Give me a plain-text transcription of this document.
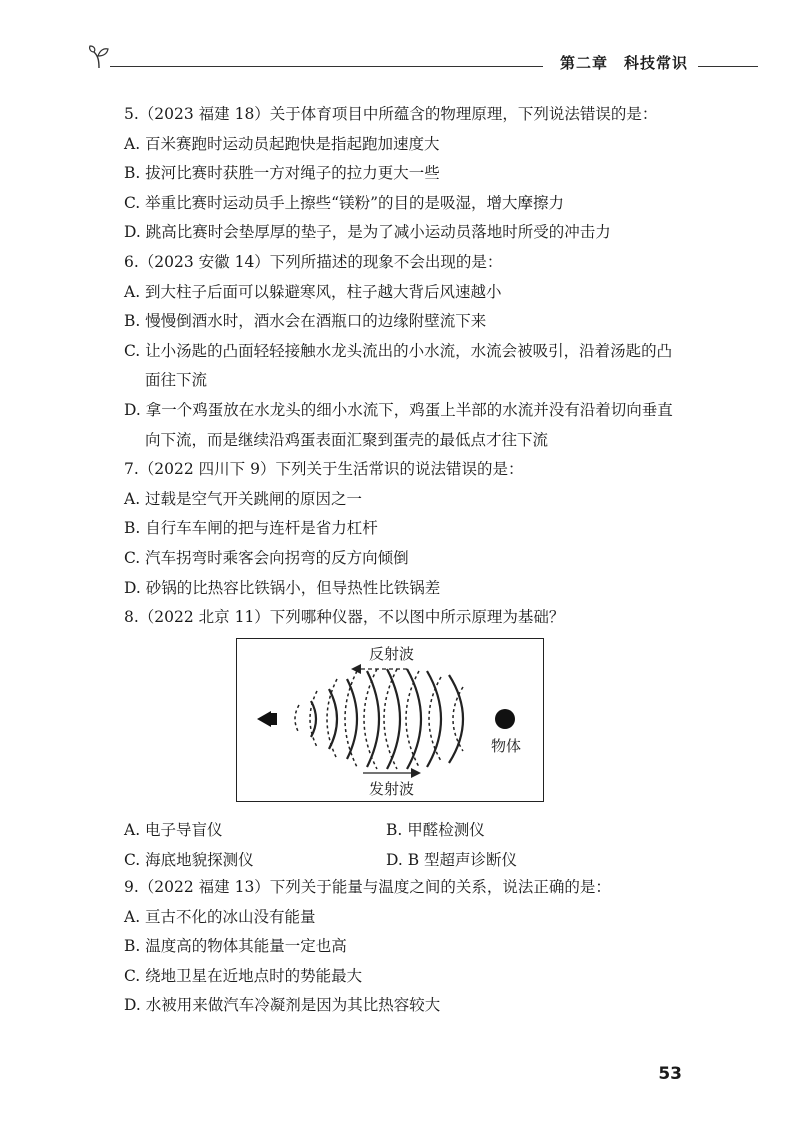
第二章　科技常识
5.（2023 福建 18）关于体育项目中所蕴含的物理原理，下列说法错误的是：
A. 百米赛跑时运动员起跑快是指起跑加速度大
B. 拔河比赛时获胜一方对绳子的拉力更大一些
C. 举重比赛时运动员手上擦些“镁粉”的目的是吸湿，增大摩擦力
D. 跳高比赛时会垫厚厚的垫子，是为了减小运动员落地时所受的冲击力
6.（2023 安徽 14）下列所描述的现象不会出现的是：
A. 到大柱子后面可以躲避寒风，柱子越大背后风速越小
B. 慢慢倒酒水时，酒水会在酒瓶口的边缘附壁流下来
C. 让小汤匙的凸面轻轻接触水龙头流出的小水流，水流会被吸引，沿着汤匙的凸
面往下流
D. 拿一个鸡蛋放在水龙头的细小水流下，鸡蛋上半部的水流并没有沿着切向垂直
向下流，而是继续沿鸡蛋表面汇聚到蛋壳的最低点才往下流
7.（2022 四川下 9）下列关于生活常识的说法错误的是：
A. 过载是空气开关跳闸的原因之一
B. 自行车车闸的把与连杆是省力杠杆
C. 汽车拐弯时乘客会向拐弯的反方向倾倒
D. 砂锅的比热容比铁锅小，但导热性比铁锅差
8.（2022 北京 11）下列哪种仪器，不以图中所示原理为基础？
反射波
物体
发射波
A. 电子导盲仪	B. 甲醛检测仪
C. 海底地貌探测仪	D. B 型超声诊断仪
9.（2022 福建 13）下列关于能量与温度之间的关系，说法正确的是：
A. 亘古不化的冰山没有能量
B. 温度高的物体其能量一定也高
C. 绕地卫星在近地点时的势能最大
D. 水被用来做汽车冷凝剂是因为其比热容较大
53
